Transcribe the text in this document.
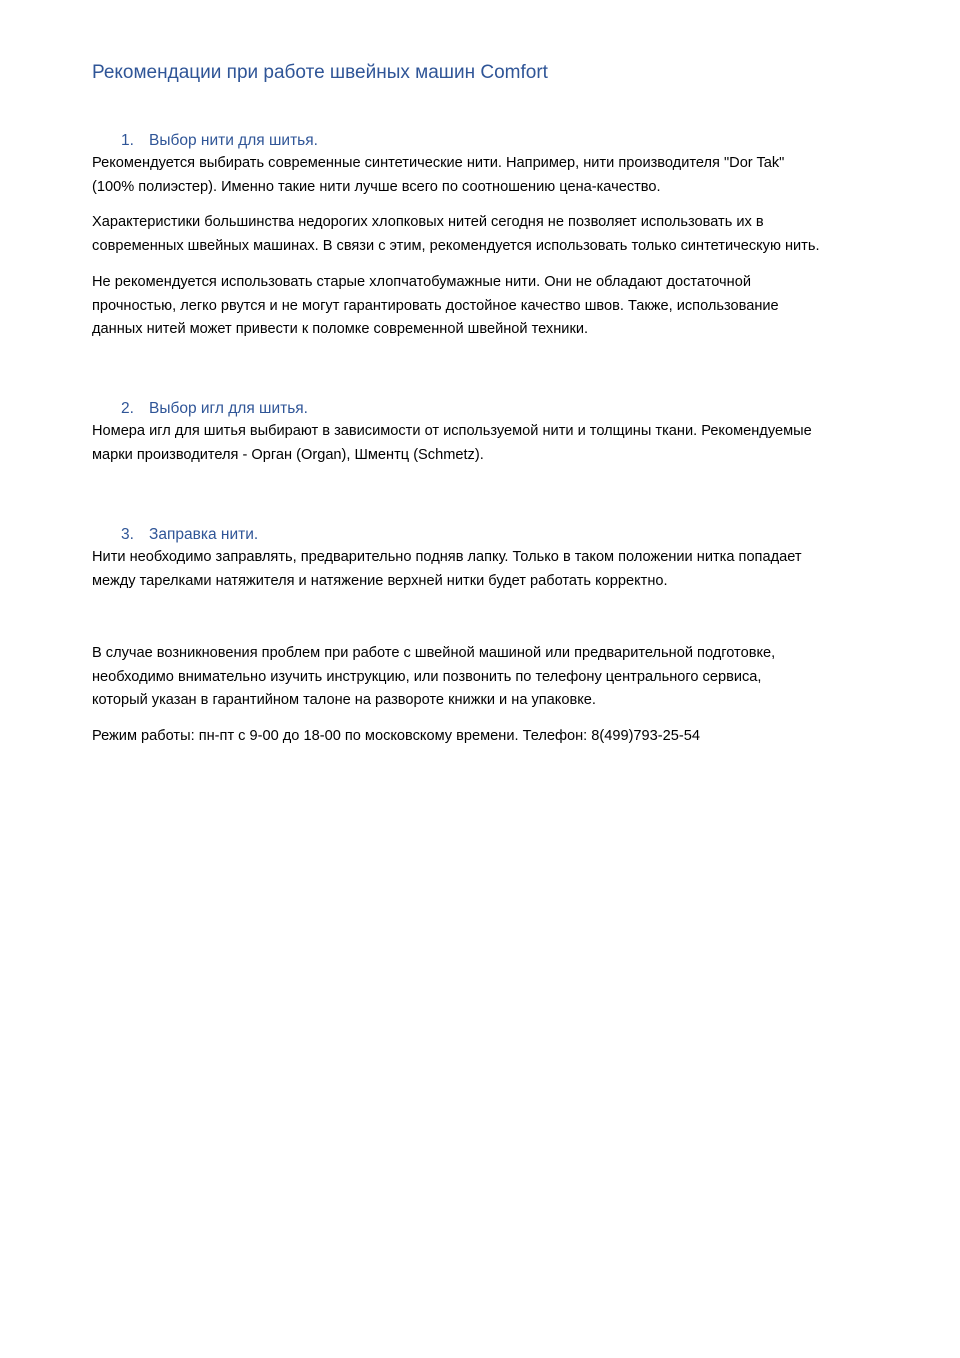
Рекомендации при работе швейных машин Comfort
1. Выбор нити для шитья.

Рекомендуется выбирать современные синтетические нити. Например, нити производителя "Dor Tak"
(100% полиэстер). Именно такие нити лучше всего по соотношению цена-качество.

Характеристики большинства недорогих хлопковых нитей сегодня не позволяет использовать их в
современных швейных машинах. В связи с этим, рекомендуется использовать только синтетическую нить.

Не рекомендуется использовать старые хлопчатобумажные нити. Они не обладают достаточной
прочностью, легко рвутся и не могут гарантировать достойное качество швов. Также, использование
данных нитей может привести к поломке современной швейной техники.

2. Выбор игл для шитья.

Номера игл для шитья выбирают в зависимости от используемой нити и толщины ткани. Рекомендуемые
марки производителя - Орган (Organ), Шментц (Schmetz).

3. Заправка нити.

Нити необходимо заправлять, предварительно подняв лапку. Только в таком положении нитка попадает
между тарелками натяжителя и натяжение верхней нитки будет работать корректно.

В случае возникновения проблем при работе с швейной машиной или предварительной подготовке,
необходимо внимательно изучить инструкцию, или позвонить по телефону центрального сервиса,
который указан в гарантийном талоне на развороте книжки и на упаковке.

Режим работы: пн-пт с 9-00 до 18-00 по московскому времени. Телефон: 8(499)793-25-54
